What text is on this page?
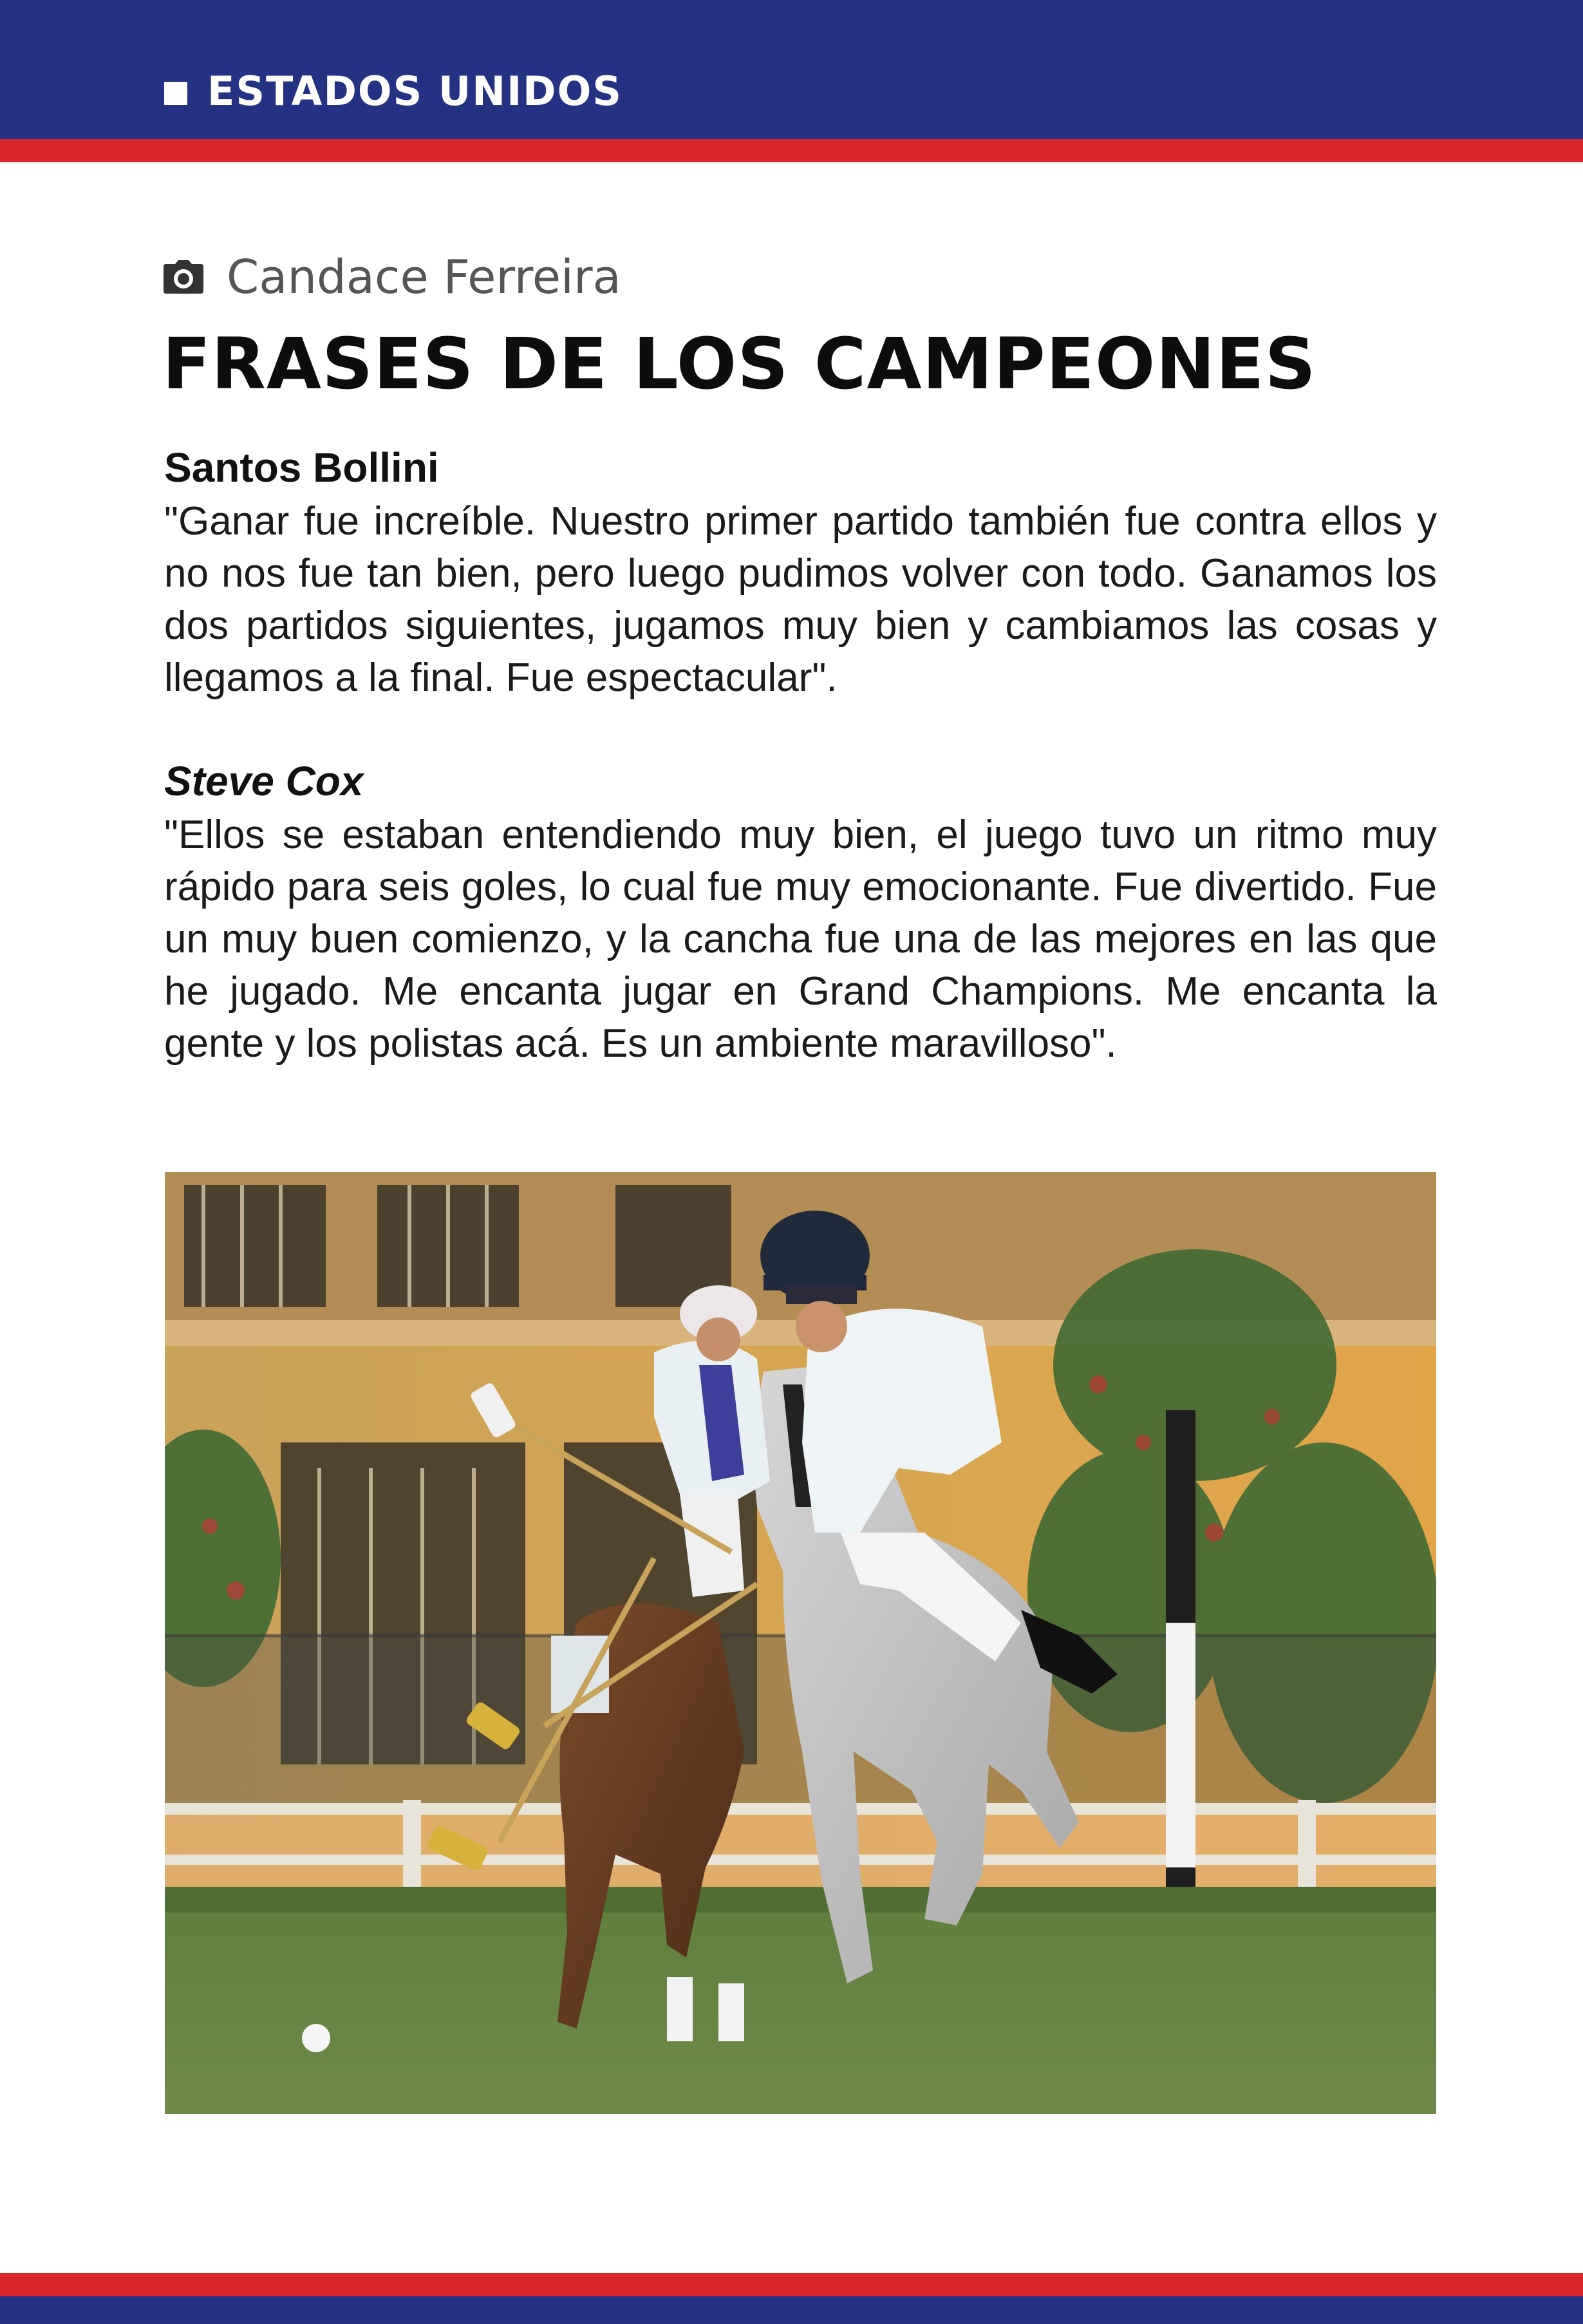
ESTADOS UNIDOS
Candace Ferreira
FRASES DE LOS CAMPEONES
Santos Bollini

"Ganar fue increíble. Nuestro primer partido también fue contra ellos y no nos fue tan bien, pero luego pudimos volver con todo. Ganamos los dos partidos siguientes, jugamos muy bien y cambiamos las cosas y llegamos a la final. Fue espectacular".

Steve Cox

"Ellos se estaban entendiendo muy bien, el juego tuvo un ritmo muy rápido para seis goles, lo cual fue muy emocionante. Fue divertido. Fue un muy buen comienzo, y la cancha fue una de las mejores en las que he jugado. Me encanta jugar en Grand Champions. Me encanta la gente y los polistas acá. Es un ambiente maravilloso".
